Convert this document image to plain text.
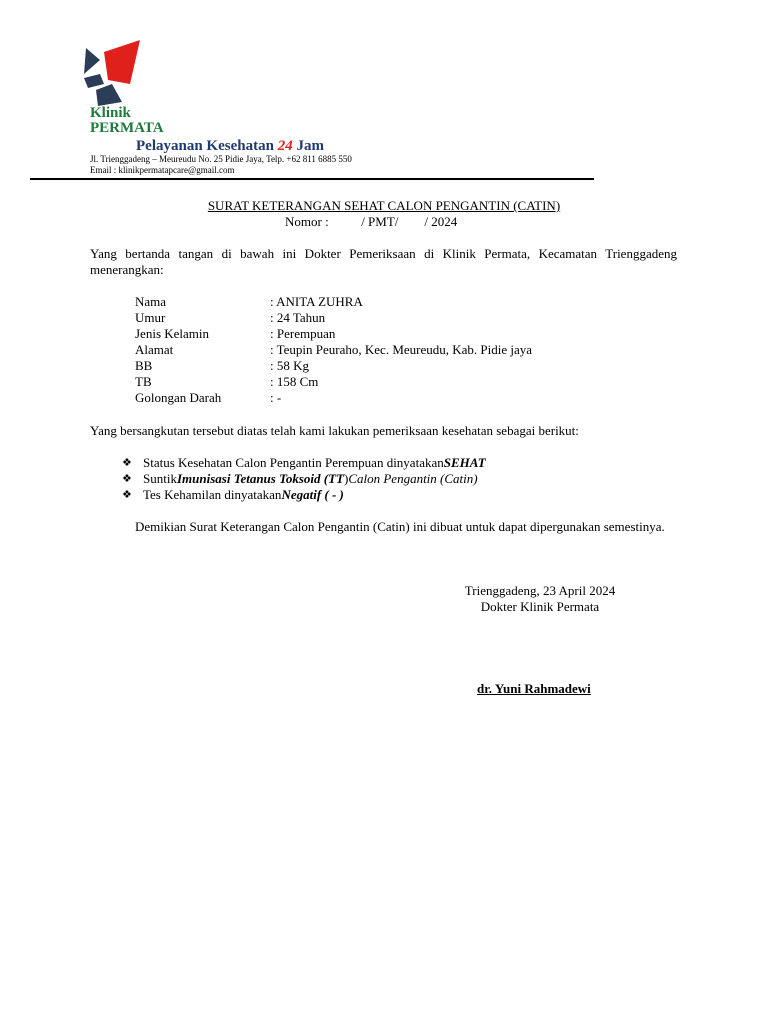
Klinik
PERMATA
Pelayanan Kesehatan 24 Jam
Jl. Trienggadeng – Meureudu No. 25 Pidie Jaya, Telp. +62 811 6885 550
Email : klinikpermatapcare@gmail.com
SURAT KETERANGAN SEHAT CALON PENGANTIN (CATIN)
Nomor :          / PMT/        / 2024
Yang bertanda tangan di bawah ini Dokter Pemeriksaan di Klinik Permata, Kecamatan Trienggadeng menerangkan:
Nama	: ANITA ZUHRA
Umur	: 24 Tahun
Jenis Kelamin	: Perempuan
Alamat	: Teupin Peuraho, Kec. Meureudu, Kab. Pidie jaya
BB	: 58 Kg
TB	: 158 Cm
Golongan Darah	: -
Yang bersangkutan tersebut diatas telah kami lakukan pemeriksaan kesehatan sebagai berikut:
❖ Status Kesehatan Calon Pengantin Perempuan dinyatakan SEHAT
❖ Suntik Imunisasi Tetanus Toksoid (TT ) Calon Pengantin (Catin)
❖ Tes Kehamilan dinyatakan Negatif ( - )
Demikian Surat Keterangan Calon Pengantin (Catin) ini dibuat untuk dapat dipergunakan semestinya.
Trienggadeng, 23 April 2024
Dokter Klinik Permata
dr. Yuni Rahmadewi
